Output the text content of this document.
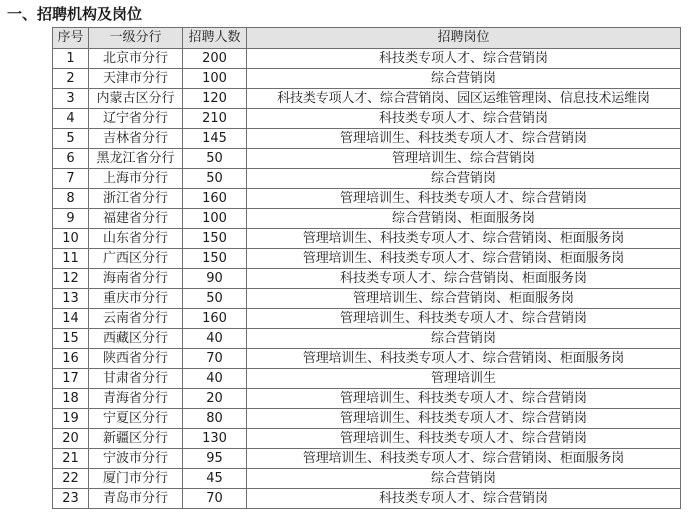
一、招聘机构及岗位
序号	一级分行	招聘人数	招聘岗位
1	北京市分行	200	科技类专项人才、综合营销岗
2	天津市分行	100	综合营销岗
3	内蒙古区分行	120	科技类专项人才、综合营销岗、园区运维管理岗、信息技术运维岗
4	辽宁省分行	210	科技类专项人才、综合营销岗
5	吉林省分行	145	管理培训生、科技类专项人才、综合营销岗
6	黑龙江省分行	50	管理培训生、综合营销岗
7	上海市分行	50	综合营销岗
8	浙江省分行	160	管理培训生、科技类专项人才、综合营销岗
9	福建省分行	100	综合营销岗、柜面服务岗
10	山东省分行	150	管理培训生、科技类专项人才、综合营销岗、柜面服务岗
11	广西区分行	150	管理培训生、科技类专项人才、综合营销岗、柜面服务岗
12	海南省分行	90	科技类专项人才、综合营销岗、柜面服务岗
13	重庆市分行	50	管理培训生、综合营销岗、柜面服务岗
14	云南省分行	160	管理培训生、科技类专项人才、综合营销岗
15	西藏区分行	40	综合营销岗
16	陕西省分行	70	管理培训生、科技类专项人才、综合营销岗、柜面服务岗
17	甘肃省分行	40	管理培训生
18	青海省分行	20	管理培训生、科技类专项人才、综合营销岗
19	宁夏区分行	80	管理培训生、科技类专项人才、综合营销岗
20	新疆区分行	130	管理培训生、科技类专项人才、综合营销岗
21	宁波市分行	95	管理培训生、科技类专项人才、综合营销岗、柜面服务岗
22	厦门市分行	45	综合营销岗
23	青岛市分行	70	科技类专项人才、综合营销岗
